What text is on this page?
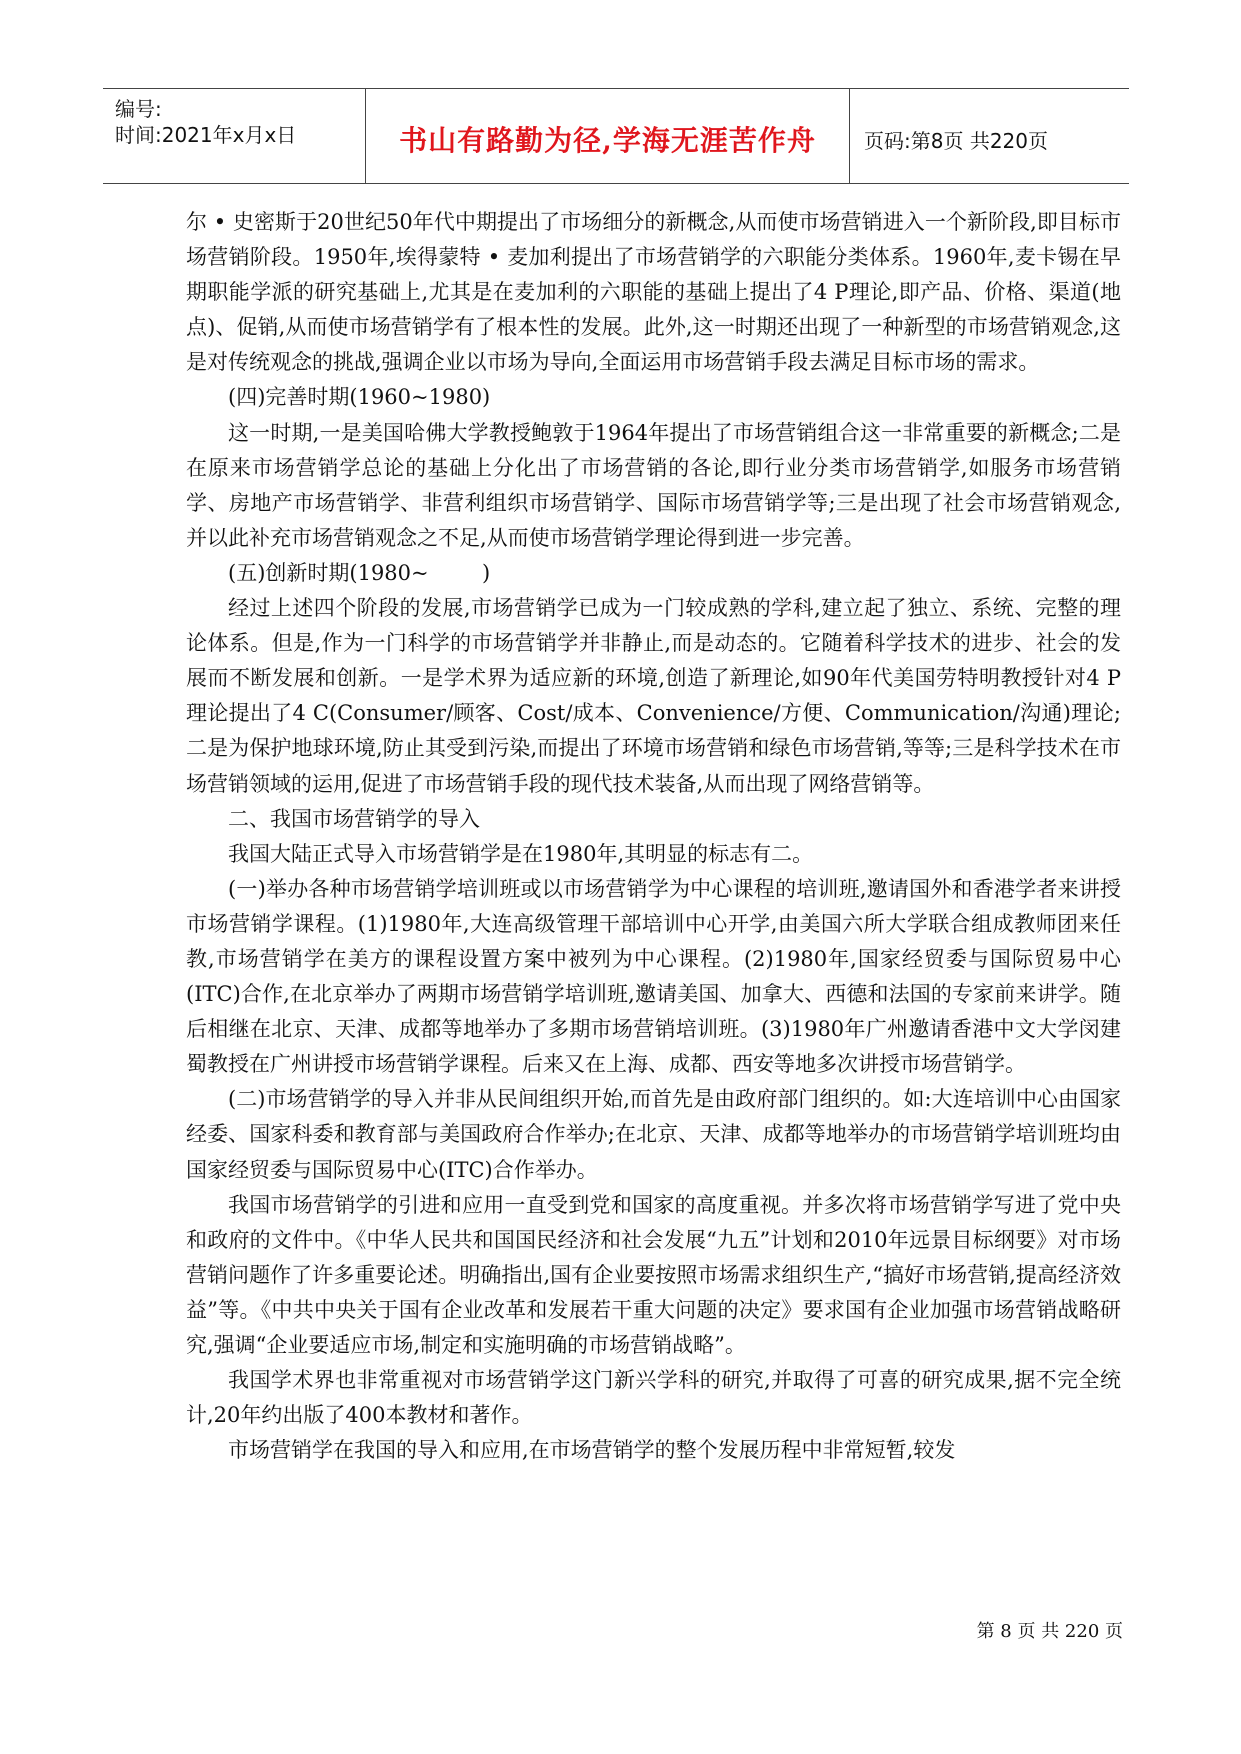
编号:
时间:2021年x月x日	书山有路勤为径,学海无涯苦作舟	页码:第8页 共220页

尔 • 史密斯于20世纪50年代中期提出了市场细分的新概念,从而使市场营销进入一个新阶段,即目标市场营销阶段。1950年,埃得蒙特 • 麦加利提出了市场营销学的六职能分类体系。1960年,麦卡锡在早期职能学派的研究基础上,尤其是在麦加利的六职能的基础上提出了4 P理论,即产品、价格、渠道(地点)、促销,从而使市场营销学有了根本性的发展。此外,这一时期还出现了一种新型的市场营销观念,这是对传统观念的挑战,强调企业以市场为导向,全面运用市场营销手段去满足目标市场的需求。

(四)完善时期(1960~1980)

这一时期,一是美国哈佛大学教授鲍敦于1964年提出了市场营销组合这一非常重要的新概念;二是在原来市场营销学总论的基础上分化出了市场营销的各论,即行业分类市场营销学,如服务市场营销学、房地产市场营销学、非营利组织市场营销学、国际市场营销学等;三是出现了社会市场营销观念,并以此补充市场营销观念之不足,从而使市场营销学理论得到进一步完善。

(五)创新时期(1980~        )

经过上述四个阶段的发展,市场营销学已成为一门较成熟的学科,建立起了独立、系统、完整的理论体系。但是,作为一门科学的市场营销学并非静止,而是动态的。它随着科学技术的进步、社会的发展而不断发展和创新。一是学术界为适应新的环境,创造了新理论,如90年代美国劳特明教授针对4 P理论提出了4 C(Consumer/顾客、Cost/成本、Convenience/方便、Communication/沟通)理论;二是为保护地球环境,防止其受到污染,而提出了环境市场营销和绿色市场营销,等等;三是科学技术在市场营销领域的运用,促进了市场营销手段的现代技术装备,从而出现了网络营销等。

二、我国市场营销学的导入

我国大陆正式导入市场营销学是在1980年,其明显的标志有二。

(一)举办各种市场营销学培训班或以市场营销学为中心课程的培训班,邀请国外和香港学者来讲授市场营销学课程。(1)1980年,大连高级管理干部培训中心开学,由美国六所大学联合组成教师团来任教,市场营销学在美方的课程设置方案中被列为中心课程。(2)1980年,国家经贸委与国际贸易中心(ITC)合作,在北京举办了两期市场营销学培训班,邀请美国、加拿大、西德和法国的专家前来讲学。随后相继在北京、天津、成都等地举办了多期市场营销培训班。(3)1980年广州邀请香港中文大学闵建蜀教授在广州讲授市场营销学课程。后来又在上海、成都、西安等地多次讲授市场营销学。

(二)市场营销学的导入并非从民间组织开始,而首先是由政府部门组织的。如:大连培训中心由国家经委、国家科委和教育部与美国政府合作举办;在北京、天津、成都等地举办的市场营销学培训班均由国家经贸委与国际贸易中心(ITC)合作举办。

我国市场营销学的引进和应用一直受到党和国家的高度重视。并多次将市场营销学写进了党中央和政府的文件中。《中华人民共和国国民经济和社会发展“九五”计划和2010年远景目标纲要》对市场营销问题作了许多重要论述。明确指出,国有企业要按照市场需求组织生产,“搞好市场营销,提高经济效益”等。《中共中央关于国有企业改革和发展若干重大问题的决定》要求国有企业加强市场营销战略研究,强调“企业要适应市场,制定和实施明确的市场营销战略”。

我国学术界也非常重视对市场营销学这门新兴学科的研究,并取得了可喜的研究成果,据不完全统计,20年约出版了400本教材和著作。

市场营销学在我国的导入和应用,在市场营销学的整个发展历程中非常短暂,较发

第 8 页 共 220 页
